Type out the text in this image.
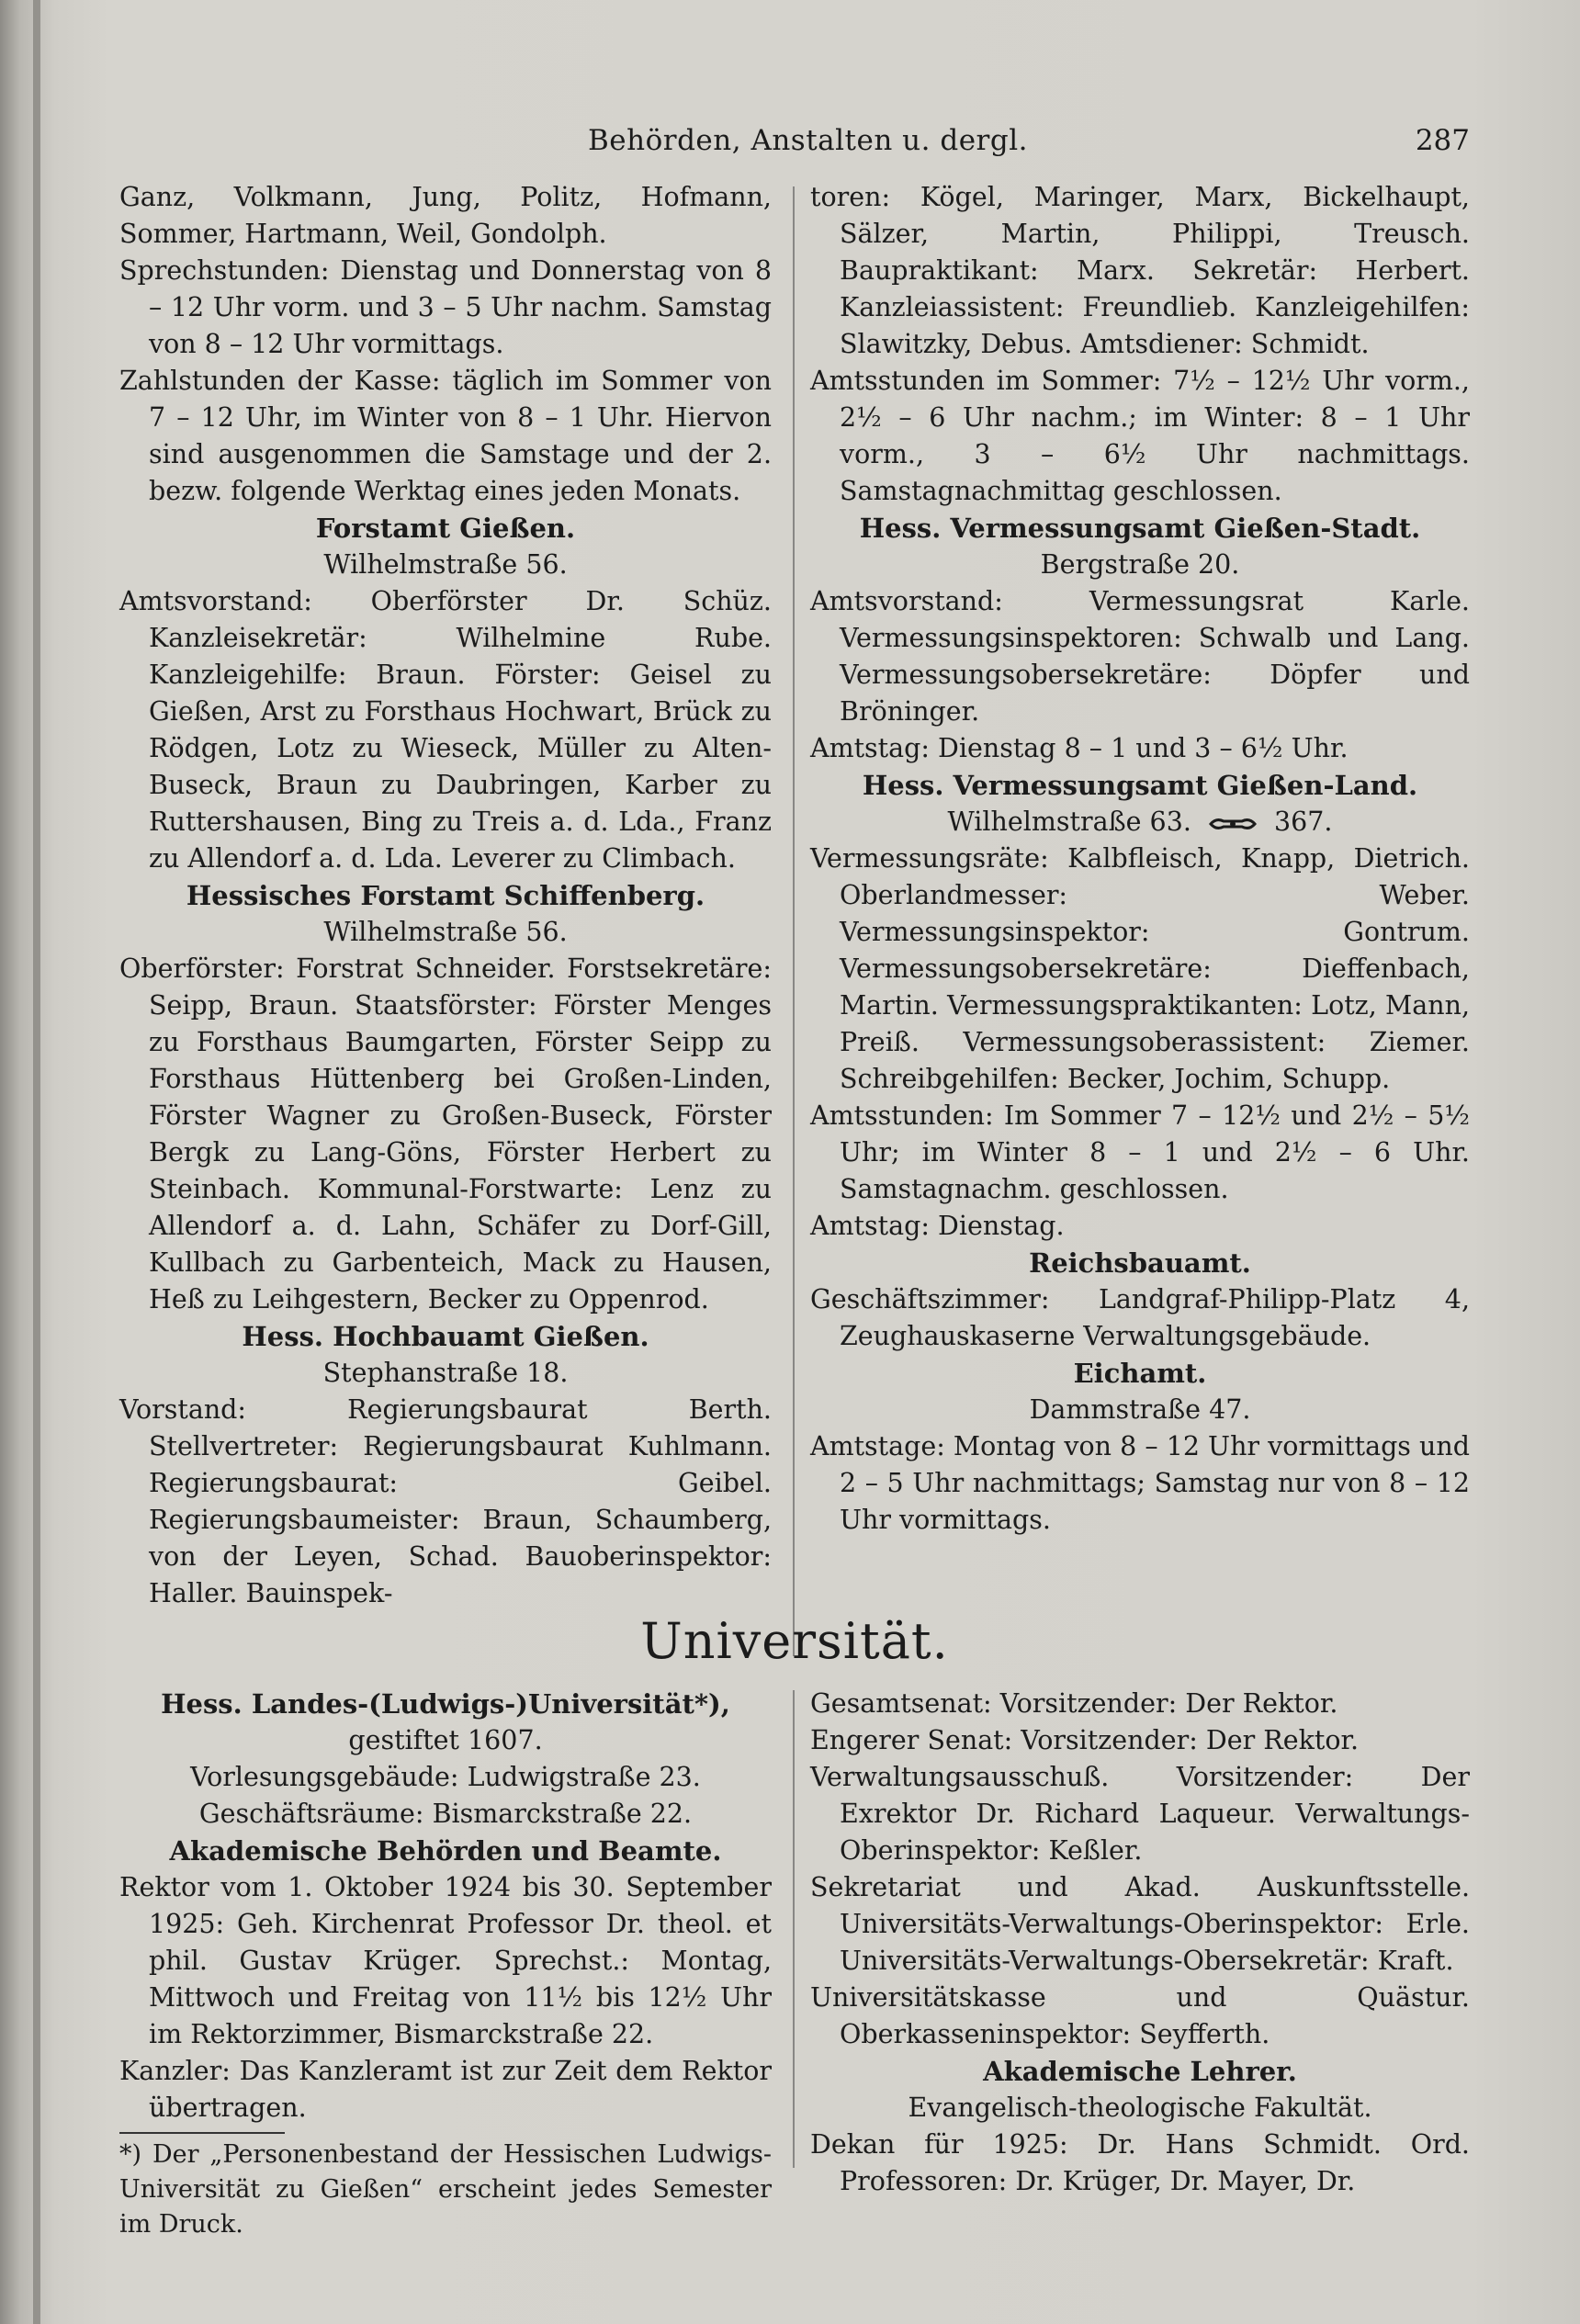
Behörden, Anstalten u. dergl.	287

Ganz, Volkmann, Jung, Politz, Hofmann, Sommer, Hartmann, Weil, Gondolph.

Sprechstunden: Dienstag und Donnerstag von 8 – 12 Uhr vorm. und 3 – 5 Uhr nachm. Samstag von 8 – 12 Uhr vormittags.

Zahlstunden der Kasse: täglich im Sommer von 7 – 12 Uhr, im Winter von 8 – 1 Uhr. Hiervon sind ausgenommen die Samstage und der 2. bezw. folgende Werktag eines jeden Monats.

Forstamt Gießen.
Wilhelmstraße 56.

Amtsvorstand: Oberförster Dr. Schüz. Kanzleisekretär: Wilhelmine Rube. Kanzleigehilfe: Braun. Förster: Geisel zu Gießen, Arst zu Forsthaus Hochwart, Brück zu Rödgen, Lotz zu Wieseck, Müller zu Alten-Buseck, Braun zu Daubringen, Karber zu Ruttershausen, Bing zu Treis a. d. Lda., Franz zu Allendorf a. d. Lda. Leverer zu Climbach.

Hessisches Forstamt Schiffenberg.
Wilhelmstraße 56.

Oberförster: Forstrat Schneider. Forstsekretäre: Seipp, Braun. Staatsförster: Förster Menges zu Forsthaus Baumgarten, Förster Seipp zu Forsthaus Hüttenberg bei Großen-Linden, Förster Wagner zu Großen-Buseck, Förster Bergk zu Lang-Göns, Förster Herbert zu Steinbach. Kommunal-Forstwarte: Lenz zu Allendorf a. d. Lahn, Schäfer zu Dorf-Gill, Kullbach zu Garbenteich, Mack zu Hausen, Heß zu Leihgestern, Becker zu Oppenrod.

Hess. Hochbauamt Gießen.
Stephanstraße 18.

Vorstand: Regierungsbaurat Berth. Stellvertreter: Regierungsbaurat Kuhlmann. Regierungsbaurat: Geibel. Regierungsbaumeister: Braun, Schaumberg, von der Leyen, Schad. Bauoberinspektor: Haller. Bauinspek-

toren: Kögel, Maringer, Marx, Bickelhaupt, Sälzer, Martin, Philippi, Treusch. Baupraktikant: Marx. Sekretär: Herbert. Kanzleiassistent: Freundlieb. Kanzleigehilfen: Slawitzky, Debus. Amtsdiener: Schmidt.

Amtsstunden im Sommer: 7½ – 12½ Uhr vorm., 2½ – 6 Uhr nachm.; im Winter: 8 – 1 Uhr vorm., 3 – 6½ Uhr nachmittags. Samstagnachmittag geschlossen.

Hess. Vermessungsamt Gießen-Stadt.
Bergstraße 20.

Amtsvorstand: Vermessungsrat Karle. Vermessungsinspektoren: Schwalb und Lang. Vermessungsobersekretäre: Döpfer und Bröninger.

Amtstag: Dienstag 8 – 1 und 3 – 6½ Uhr.

Hess. Vermessungsamt Gießen-Land.
Wilhelmstraße 63.	367.

Vermessungsräte: Kalbfleisch, Knapp, Dietrich. Oberlandmesser: Weber. Vermessungsinspektor: Gontrum. Vermessungsobersekretäre: Dieffenbach, Martin. Vermessungspraktikanten: Lotz, Mann, Preiß. Vermessungsoberassistent: Ziemer. Schreibgehilfen: Becker, Jochim, Schupp.

Amtsstunden: Im Sommer 7 – 12½ und 2½ – 5½ Uhr; im Winter 8 – 1 und 2½ – 6 Uhr. Samstagnachm. geschlossen.

Amtstag: Dienstag.

Reichsbauamt.

Geschäftszimmer: Landgraf-Philipp-Platz 4, Zeughauskaserne Verwaltungsgebäude.

Eichamt.
Dammstraße 47.

Amtstage: Montag von 8 – 12 Uhr vormittags und 2 – 5 Uhr nachmittags; Samstag nur von 8 – 12 Uhr vormittags.

Universität.
Hess. Landes-(Ludwigs-)Universität*),
gestiftet 1607.
Vorlesungsgebäude: Ludwigstraße 23.
Geschäftsräume: Bismarckstraße 22.
Akademische Behörden und Beamte.

Rektor vom 1. Oktober 1924 bis 30. September 1925: Geh. Kirchenrat Professor Dr. theol. et phil. Gustav Krüger. Sprechst.: Montag, Mittwoch und Freitag von 11½ bis 12½ Uhr im Rektorzimmer, Bismarckstraße 22.

Kanzler: Das Kanzleramt ist zur Zeit dem Rektor übertragen.

*) Der „Personenbestand der Hessischen Ludwigs-Universität zu Gießen“ erscheint jedes Semester im Druck.

Gesamtsenat: Vorsitzender: Der Rektor.

Engerer Senat: Vorsitzender: Der Rektor.

Verwaltungsausschuß. Vorsitzender: Der Exrektor Dr. Richard Laqueur. Verwaltungs-Oberinspektor: Keßler.

Sekretariat und Akad. Auskunftsstelle. Universitäts-Verwaltungs-Oberinspektor: Erle. Universitäts-Verwaltungs-Obersekretär: Kraft.

Universitätskasse und Quästur. Oberkasseninspektor: Seyfferth.

Akademische Lehrer.
Evangelisch-theologische Fakultät.

Dekan für 1925: Dr. Hans Schmidt. Ord. Professoren: Dr. Krüger, Dr. Mayer, Dr.
